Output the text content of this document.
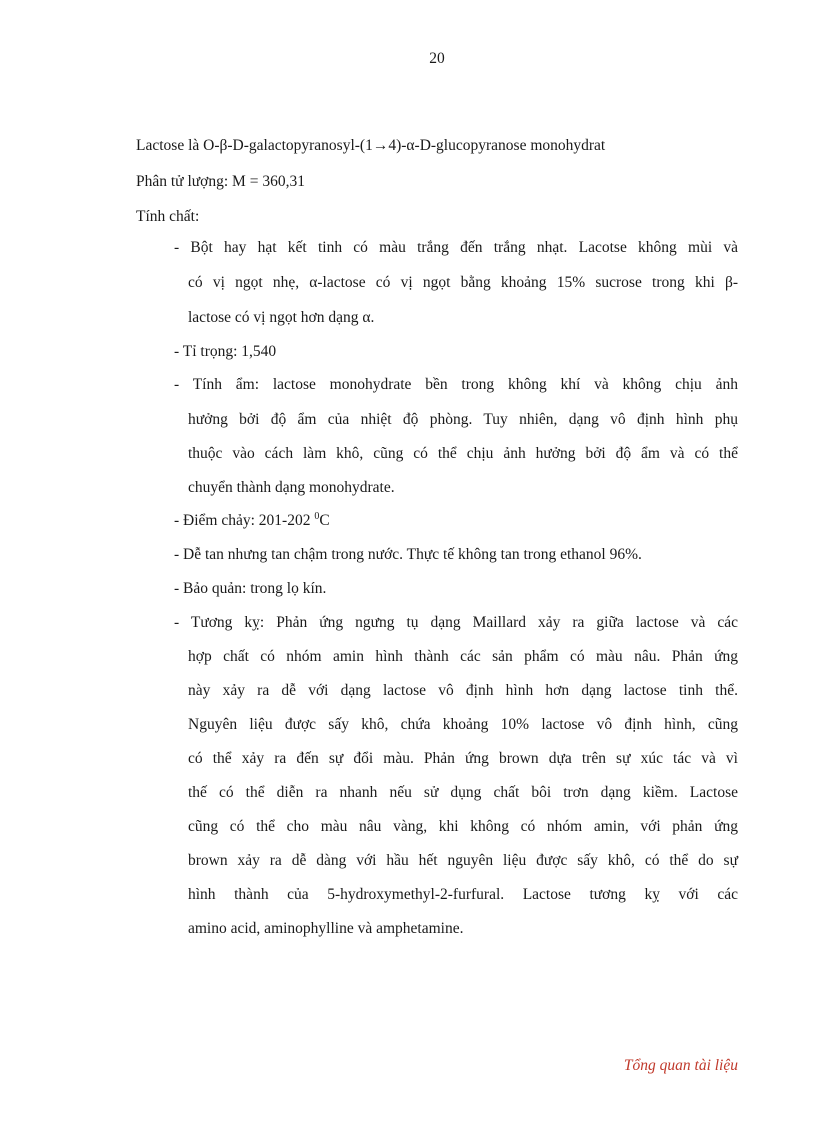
20
Lactose là O-β-D-galactopyranosyl-(1→4)-α-D-glucopyranose monohydrat
Phân tử lượng: M = 360,31
Tính chất:
- Bột hay hạt kết tinh có màu trắng đến trắng nhạt. Lacotse không mùi và
có vị ngọt nhẹ, α-lactose có vị ngọt bằng khoảng 15% sucrose trong khi β-
lactose có vị ngọt hơn dạng α.
- Tỉ trọng: 1,540
- Tính ẩm: lactose monohydrate bền trong không khí và không chịu ảnh
hưởng bởi độ ẩm của nhiệt độ phòng. Tuy nhiên, dạng vô định hình phụ
thuộc vào cách làm khô, cũng có thể chịu ảnh hưởng bởi độ ẩm và có thể
chuyển thành dạng monohydrate.
- Điểm chảy: 201-202 $^0$C
- Dễ tan nhưng tan chậm trong nước. Thực tế không tan trong ethanol 96%.
- Bảo quản: trong lọ kín.
- Tương kỵ: Phản ứng ngưng tụ dạng Maillard xảy ra giữa lactose và các
hợp chất có nhóm amin hình thành các sản phẩm có màu nâu. Phản ứng
này xảy ra dễ với dạng lactose vô định hình hơn dạng lactose tinh thể.
Nguyên liệu được sấy khô, chứa khoảng 10% lactose vô định hình, cũng
có thể xảy ra đến sự đổi màu. Phản ứng brown dựa trên sự xúc tác và vì
thế có thể diễn ra nhanh nếu sử dụng chất bôi trơn dạng kiềm. Lactose
cũng có thể cho màu nâu vàng, khi không có nhóm amin, với phản ứng
brown xảy ra dễ dàng với hầu hết nguyên liệu được sấy khô, có thể do sự
hình thành của 5-hydroxymethyl-2-furfural. Lactose tương kỵ với các
amino acid, aminophylline và amphetamine.
Tổng quan tài liệu
